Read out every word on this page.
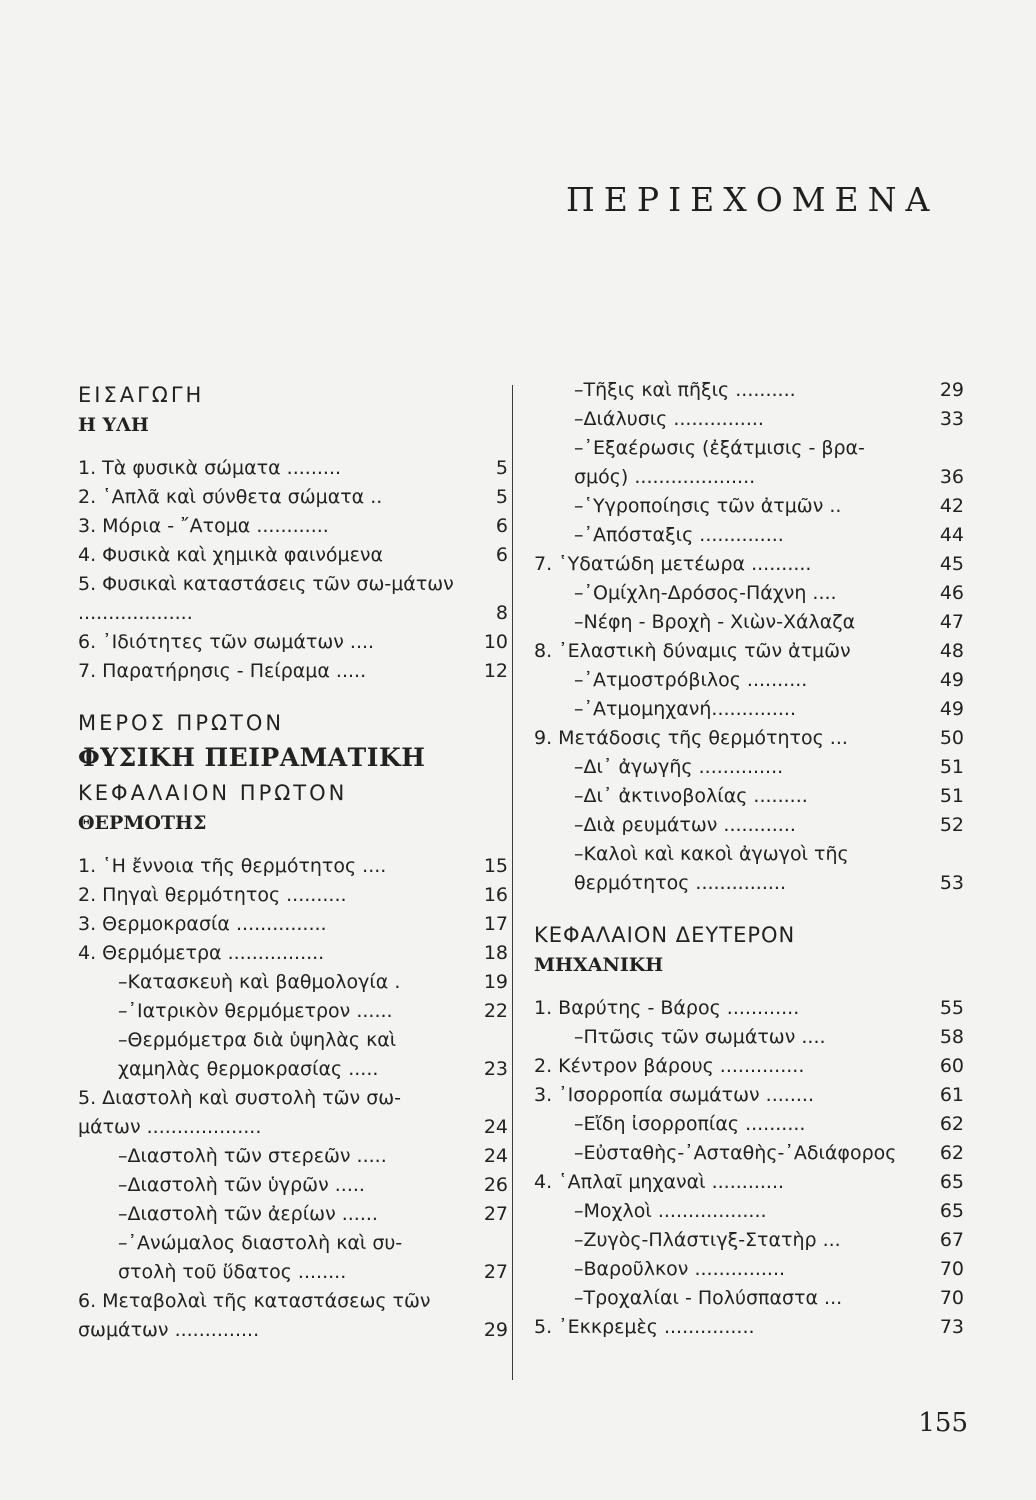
ΠΕΡΙΕΧΟΜΕΝΑ
ΕΙΣΑΓΩΓΗ
Η ΥΛΗ
1. Τὰ φυσικὰ σώματα .........	5
2. ῾Απλᾶ καὶ σύνθετα σώματα ..	5
3. Μόρια - ῎Ατομα ............	6
4. Φυσικὰ καὶ χημικὰ φαινόμενα	6
5. Φυσικαὶ καταστάσεις τῶν σω-μάτων ...................	8
6. ᾿Ιδιότητες τῶν σωμάτων ....	10
7. Παρατήρησις - Πείραμα .....	12
ΜΕΡΟΣ ΠΡΩΤΟΝ
ΦΥΣΙΚΗ ΠΕΙΡΑΜΑΤΙΚΗ
ΚΕΦΑΛΑΙΟΝ ΠΡΩΤΟΝ
ΘΕΡΜΟΤΗΣ
1. ῾Η ἔννοια τῆς θερμότητος ....	15
2. Πηγαὶ θερμότητος ..........	16
3. Θερμοκρασία ...............	17
4. Θερμόμετρα ................	18
–Κατασκευὴ καὶ βαθμολογία .	19
–᾿Ιατρικὸν θερμόμετρον ......	22
–Θερμόμετρα διὰ ὑψηλὰς καὶ χαμηλὰς θερμοκρασίας .....	23
5. Διαστολὴ καὶ συστολὴ τῶν σω-μάτων ...................	24
–Διαστολὴ τῶν στερεῶν .....	24
–Διαστολὴ τῶν ὑγρῶν .....	26
–Διαστολὴ τῶν ἀερίων ......	27
–᾿Ανώμαλος διαστολὴ καὶ συ-στολὴ τοῦ ὕδατος ........	27
6. Μεταβολαὶ τῆς καταστάσεως τῶν σωμάτων ..............	29
–Τῆξις καὶ πῆξις ..........	29
–Διάλυσις ...............	33
–᾿Εξαέρωσις (ἐξάτμισις - βρα-σμός) ....................	36
–῾Υγροποίησις τῶν ἀτμῶν ..	42
–᾿Απόσταξις ..............	44
7. ῾Υδατώδη μετέωρα ..........	45
–᾿Ομίχλη-Δρόσος-Πάχνη ....	46
–Νέφη - Βροχὴ - Χιὼν-Χάλαζα	47
8. ᾿Ελαστικὴ δύναμις τῶν ἀτμῶν	48
–᾿Ατμοστρόβιλος ..........	49
–᾿Ατμομηχανή..............	49
9. Μετάδοσις τῆς θερμότητος ...	50
–Δι᾿ ἀγωγῆς ..............	51
–Δι᾿ ἀκτινοβολίας .........	51
–Διὰ ρευμάτων ............	52
–Καλοὶ καὶ κακοὶ ἀγωγοὶ τῆς θερμότητος ...............	53
ΚΕΦΑΛΑΙΟΝ ΔΕΥΤΕΡΟΝ
ΜΗΧΑΝΙΚΗ
1. Βαρύτης - Βάρος ............	55
–Πτῶσις τῶν σωμάτων ....	58
2. Κέντρον βάρους ..............	60
3. ᾿Ισορροπία σωμάτων ........	61
–Εἴδη ἰσορροπίας ..........	62
–Εὐσταθὴς-᾿Ασταθὴς-᾿Αδιάφορος 62
4. ῾Απλαῖ μηχαναὶ ............	65
–Μοχλοὶ ..................	65
–Ζυγὸς-Πλάστιγξ-Στατὴρ ...	67
–Βαροῦλκον ...............	70
–Τροχαλίαι - Πολύσπαστα ...	70
5. ᾿Εκκρεμὲς ...............	73
155
